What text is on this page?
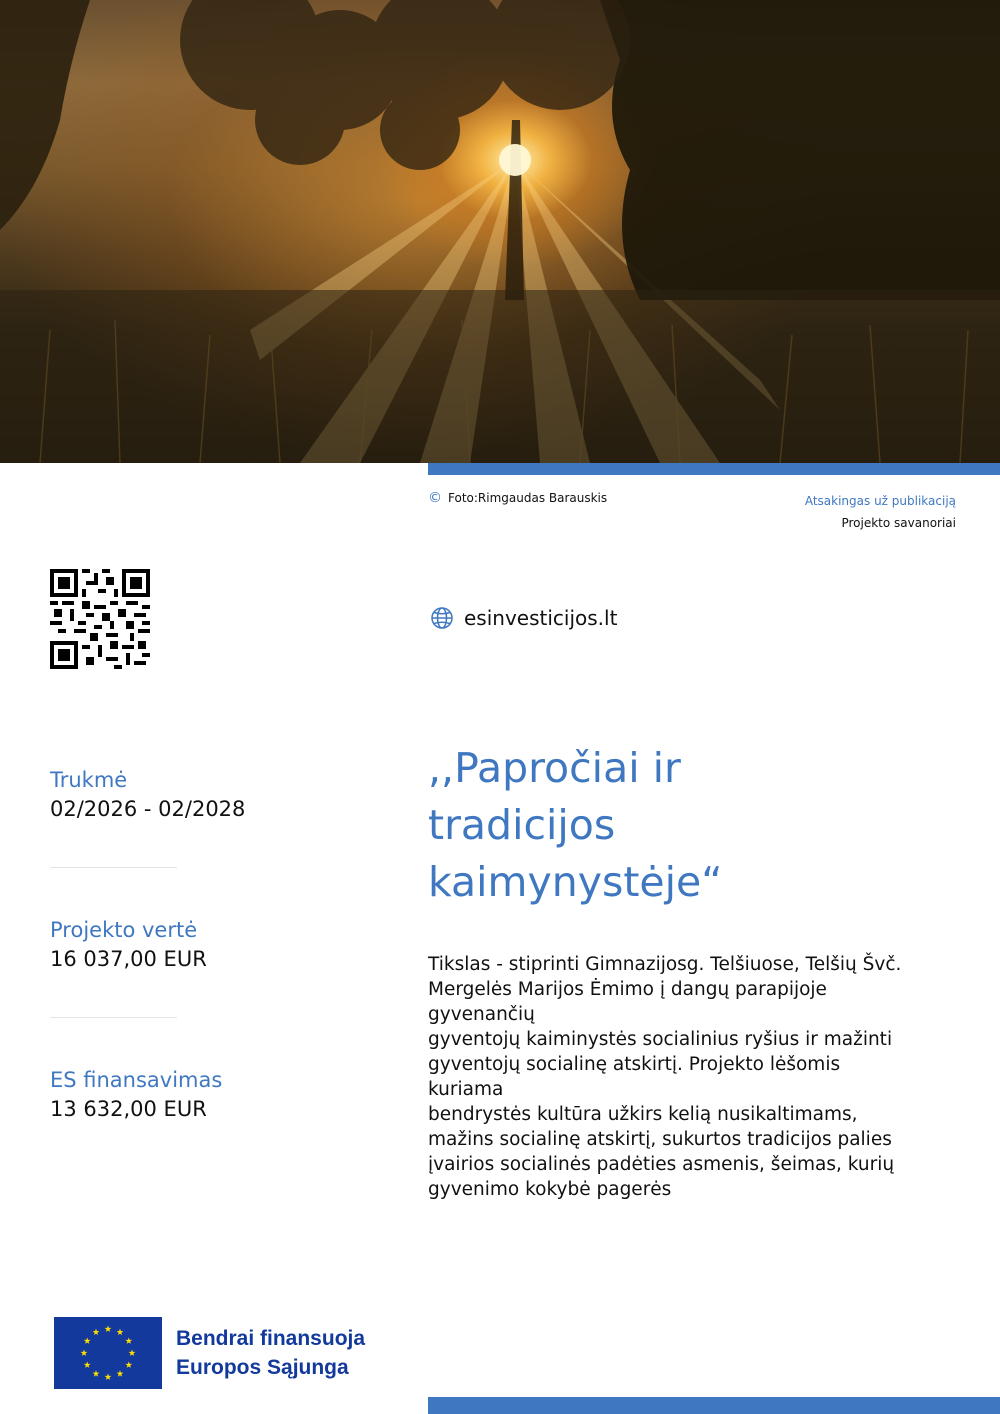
© Foto:Rimgaudas Barauskis	Atsakingas už publikaciją
Projekto savanoriai
esinvesticijos.lt
Trukmė
02/2026 - 02/2028
Projekto vertė
16 037,00 EUR
ES finansavimas
13 632,00 EUR
,,Papročiai ir
tradicijos
kaimynystėje“
Tikslas - stiprinti Gimnazijosg. Telšiuose, Telšių Švč.
Mergelės Marijos Ėmimo į dangų parapijoje
gyvenančių
gyventojų kaiminystės socialinius ryšius ir mažinti
gyventojų socialinę atskirtį. Projekto lėšomis
kuriama
bendrystės kultūra užkirs kelią nusikaltimams,
mažins socialinę atskirtį, sukurtos tradicijos palies
įvairios socialinės padėties asmenis, šeimas, kurių
gyvenimo kokybė pagerės
Bendrai finansuoja
Europos Sąjunga
